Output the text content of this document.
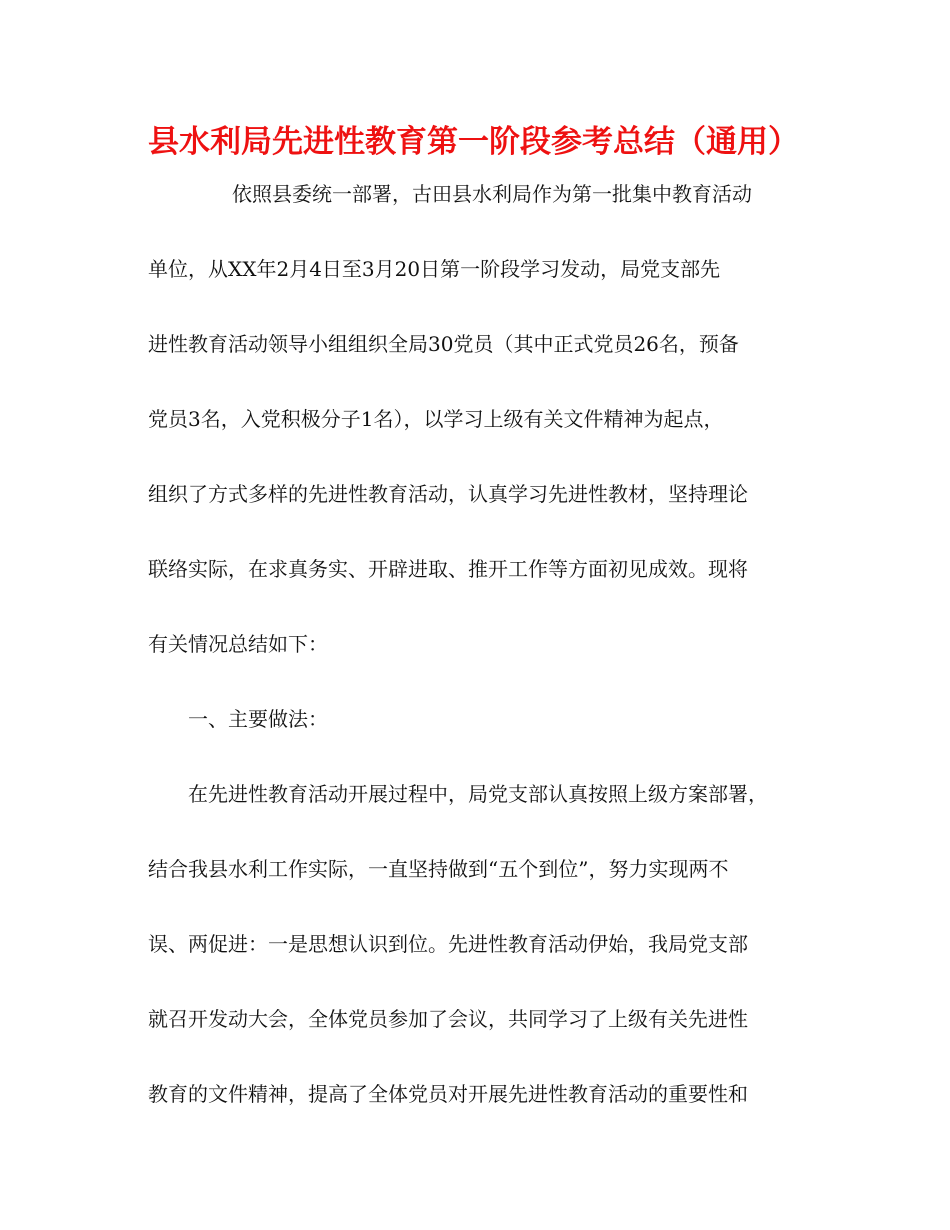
县水利局先进性教育第一阶段参考总结（通用）
依照县委统一部署，古田县水利局作为第一批集中教育活动
单位，从XX年2月4日至3月20日第一阶段学习发动，局党支部先
进性教育活动领导小组组织全局30党员（其中正式党员26名，预备
党员3名，入党积极分子1名），以学习上级有关文件精神为起点，
组织了方式多样的先进性教育活动，认真学习先进性教材，坚持理论
联络实际，在求真务实、开辟进取、推开工作等方面初见成效。现将
有关情况总结如下：
一、主要做法：
在先进性教育活动开展过程中，局党支部认真按照上级方案部署，
结合我县水利工作实际，一直坚持做到“五个到位”，努力实现两不
误、两促进：一是思想认识到位。先进性教育活动伊始，我局党支部
就召开发动大会，全体党员参加了会议，共同学习了上级有关先进性
教育的文件精神，提高了全体党员对开展先进性教育活动的重要性和
